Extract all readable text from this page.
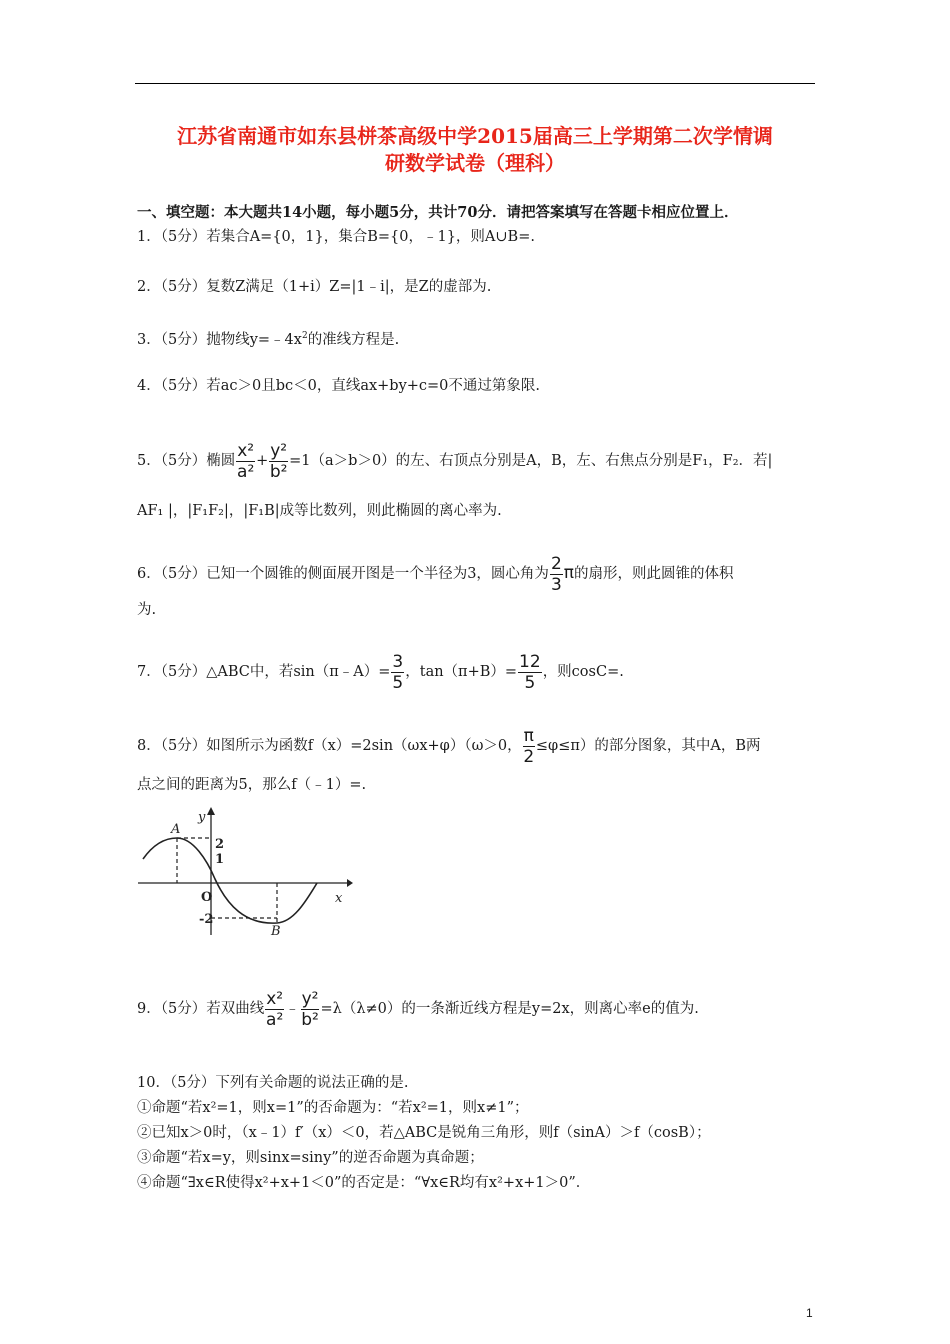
江苏省南通市如东县栟茶高级中学2015届高三上学期第二次学情调
研数学试卷（理科）
一、填空题：本大题共14小题，每小题5分，共计70分．请把答案填写在答题卡相应位置上．
1．（5分）若集合A={0，1}，集合B={0，﹣1}，则A∪B=.
2．（5分）复数Z满足（1+i）Z=|1﹣i|，是Z的虚部为.
3．（5分）抛物线$y=﹣4x^2$的准线方程是.
4．（5分）若ac＞0且bc＜0，直线ax+by+c=0不通过第象限.
5．（5分）椭圆 $\frac{\text{x²}}{\text{a²}} + \frac{\text{y²}}{\text{b²}} =1(a>b>0)$的左、右顶点分别是A，B，左、右焦点分别是F₁，F₂．若|
AF₁ |，|F₁F₂|，|F₁B|成等比数列，则此椭圆的离心率为.
6．（5分）已知一个圆锥的侧面展开图是一个半径为3，圆心角为 $\frac{2}{3}$ π的扇形，则此圆锥的体积
为.
7．（5分）△ABC中，若sin（π﹣A）= $\frac{3}{5}$ ，$\tan(\pi+B)= \frac{12}{5}$ ，则cosC=.
8．（5分）如图所示为函数f（x）=2sin（ωx+φ）（ω＞0， $\frac{\pi}{2} \le\varphi\le\pi$）的部分图象，其中A，B两
点之间的距离为5，那么f（﹣1）=.
A
B
y
x
O
2
1
-2
9．（5分）若双曲线 $\frac{\text{x²}}{\text{a²}}$ ﹣ $\frac{\text{y²}}{\text{b²}} =\lambda(\lambda\ne 0)$的一条渐近线方程是y=2x，则离心率e的值为.
10．（5分）下列有关命题的说法正确的是.
①命题“若x²=1，则x=1”的否命题为：“若x²=1，则x≠1”；
②已知x＞0时，（x﹣1）f′（x）＜0，若△ABC是锐角三角形，则f（sinA）＞f（cosB）；
③命题“若x=y，则sinx=siny”的逆否命题为真命题；
④命题“∃x∈R使得x²+x+1＜0”的否定是：“∀x∈R均有x²+x+1＞0”．
1
